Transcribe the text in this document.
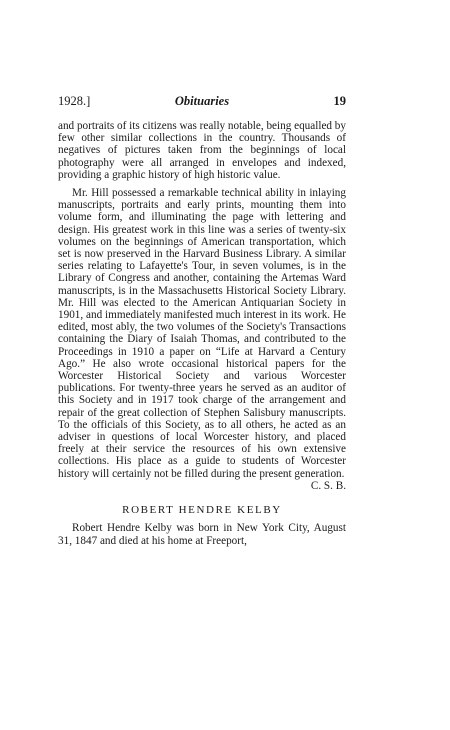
1928.]	Obituaries	19

and portraits of its citizens was really notable, being equalled by few other similar collections in the country. Thousands of negatives of pictures taken from the beginnings of local photography were all arranged in envelopes and indexed, providing a graphic history of high historic value.

Mr. Hill possessed a remarkable technical ability in inlaying manuscripts, portraits and early prints, mounting them into volume form, and illuminating the page with lettering and design. His greatest work in this line was a series of twenty-six volumes on the beginnings of American transportation, which set is now preserved in the Harvard Business Library. A similar series relating to Lafayette's Tour, in seven volumes, is in the Library of Congress and another, containing the Artemas Ward manuscripts, is in the Massachusetts Historical Society Library. Mr. Hill was elected to the American Antiquarian Society in 1901, and immediately manifested much interest in its work. He edited, most ably, the two volumes of the Society's Transactions containing the Diary of Isaiah Thomas, and contributed to the Proceedings in 1910 a paper on “Life at Harvard a Century Ago.” He also wrote occasional historical papers for the Worcester Historical Society and various Worcester publications. For twenty-three years he served as an auditor of this Society and in 1917 took charge of the arrangement and repair of the great collection of Stephen Salisbury manuscripts. To the officials of this Society, as to all others, he acted as an adviser in questions of local Worcester history, and placed freely at their service the resources of his own extensive collections. His place as a guide to students of Worcester history will certainly not be filled during the present generation.

C. S. B.
ROBERT HENDRE KELBY

Robert Hendre Kelby was born in New York City, August 31, 1847 and died at his home at Freeport,
